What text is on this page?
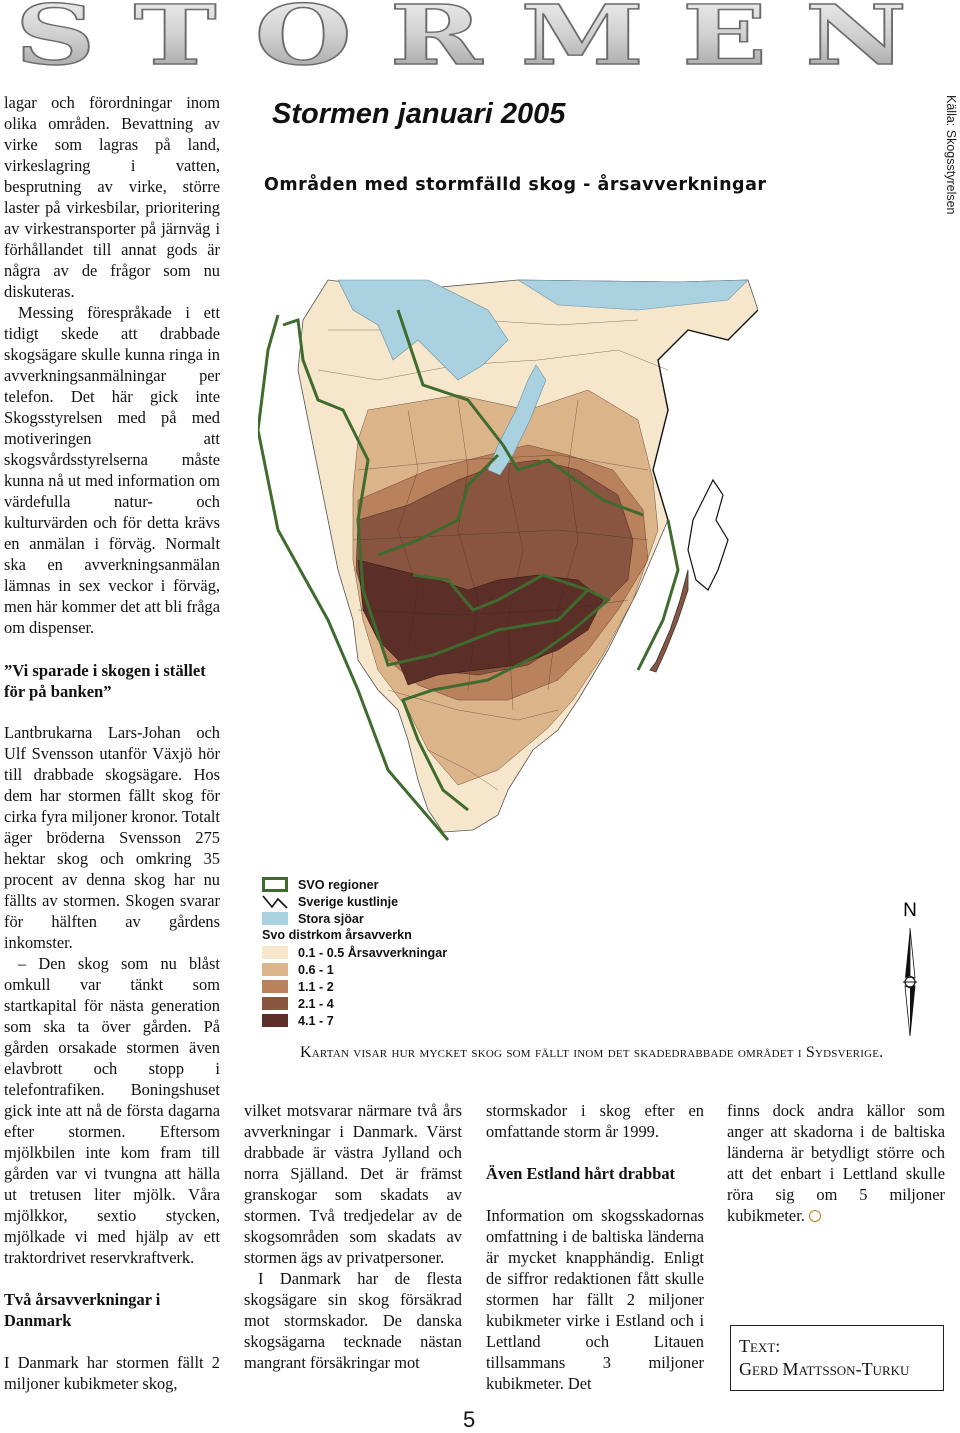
STORMEN

lagar och förordningar inom olika områden. Bevattning av virke som lagras på land, virkeslagring i vatten, besprutning av virke, större laster på virkesbilar, prioritering av virkestransporter på järnväg i förhållandet till annat gods är några av de frågor som nu diskuteras.

Messing förespråkade i ett tidigt skede att drabbade skogsägare skulle kunna ringa in avverkningsanmälningar per telefon. Det här gick inte Skogsstyrelsen med på med motiveringen att skogsvårdsstyrelserna måste kunna nå ut med information om värdefulla natur- och kulturvärden och för detta krävs en anmälan i förväg. Normalt ska en avverkningsanmälan lämnas in sex veckor i förväg, men här kommer det att bli fråga om dispenser.

”Vi sparade i skogen i stället för på banken”

Lantbrukarna Lars-Johan och Ulf Svensson utanför Växjö hör till drabbade skogsägare. Hos dem har stormen fällt skog för cirka fyra miljoner kronor. Totalt äger bröderna Svensson 275 hektar skog och omkring 35 procent av denna skog har nu fällts av stormen. Skogen svarar för hälften av gårdens inkomster.

– Den skog som nu blåst omkull var tänkt som startkapital för nästa generation som ska ta över gården. På gården orsakade stormen även elavbrott och stopp i telefontrafiken. Boningshuset gick inte att nå de första dagarna efter stormen. Eftersom mjölkbilen inte kom fram till gården var vi tvungna att hälla ut tretusen liter mjölk. Våra mjölkkor, sextio stycken, mjölkade vi med hjälp av ett traktordrivet reservkraftverk.

Två årsavverkningar i Danmark

I Danmark har stormen fällt 2 miljoner kubikmeter skog,

Stormen januari 2005
Områden med stormfälld skog - årsavverkningar	Källa: Skogsstyrelsen
SVO regioner
Sverige kustlinje
Stora sjöar
Svo distrkom årsavverkn
0.1 - 0.5 Årsavverkningar
0.6 - 1
1.1 - 2
2.1 - 4
4.1 - 7
N
Kartan visar hur mycket skog som fällt inom det skadedrabbade området i Sydsverige.

vilket motsvarar närmare två års avverkningar i Danmark. Värst drabbade är västra Jylland och norra Själland. Det är främst granskogar som skadats av stormen. Två tredjedelar av de skogsområden som skadats av stormen ägs av privatpersoner.

I Danmark har de flesta skogsägare sin skog försäkrad mot stormskador. De danska skogsägarna tecknade nästan mangrant försäkringar mot

stormskador i skog efter en omfattande storm år 1999.

Även Estland hårt drabbat

Information om skogsskadornas omfattning i de baltiska länderna är mycket knapphändig. Enligt de siffror redaktionen fått skulle stormen har fällt 2 miljoner kubikmeter virke i Estland och i Lettland och Litauen tillsammans 3 miljoner kubikmeter. Det

finns dock andra källor som anger att skadorna i de baltiska länderna är betydligt större och att det enbart i Lettland skulle röra sig om 5 miljoner kubikmeter.

Text:
Gerd Mattsson-Turku
5
